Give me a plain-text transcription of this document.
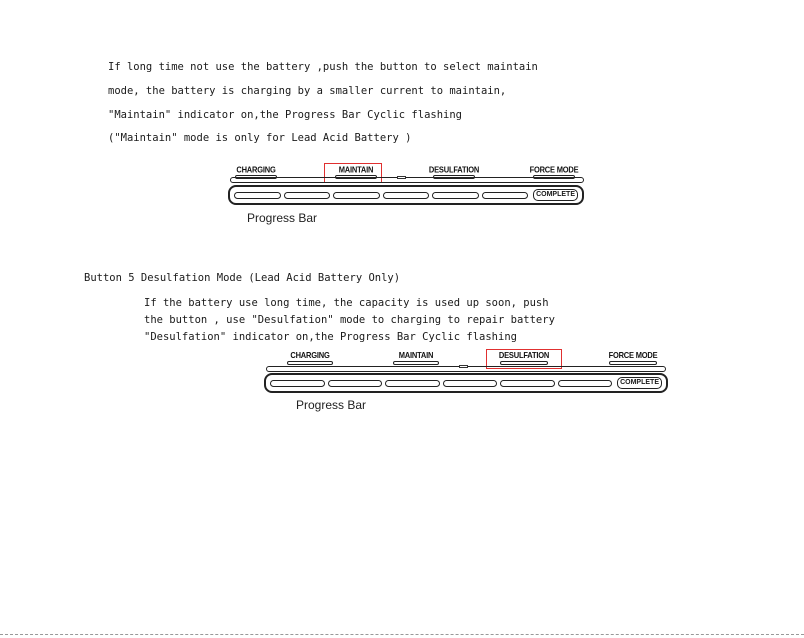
If long time not use the battery ,push the button to select maintain
mode, the battery is charging by a smaller current to maintain,
"Maintain" indicator on,the Progress Bar Cyclic flashing
("Maintain" mode is only for Lead Acid Battery )
CHARGING	MAINTAIN	DESULFATION	FORCE MODE
COMPLETE
Progress Bar
Button 5 Desulfation Mode (Lead Acid Battery Only)
If the battery use long time, the capacity is used up soon, push
the button , use "Desulfation" mode to charging to repair battery
"Desulfation" indicator on,the Progress Bar Cyclic flashing
CHARGING	MAINTAIN	DESULFATION	FORCE MODE
COMPLETE
Progress Bar
